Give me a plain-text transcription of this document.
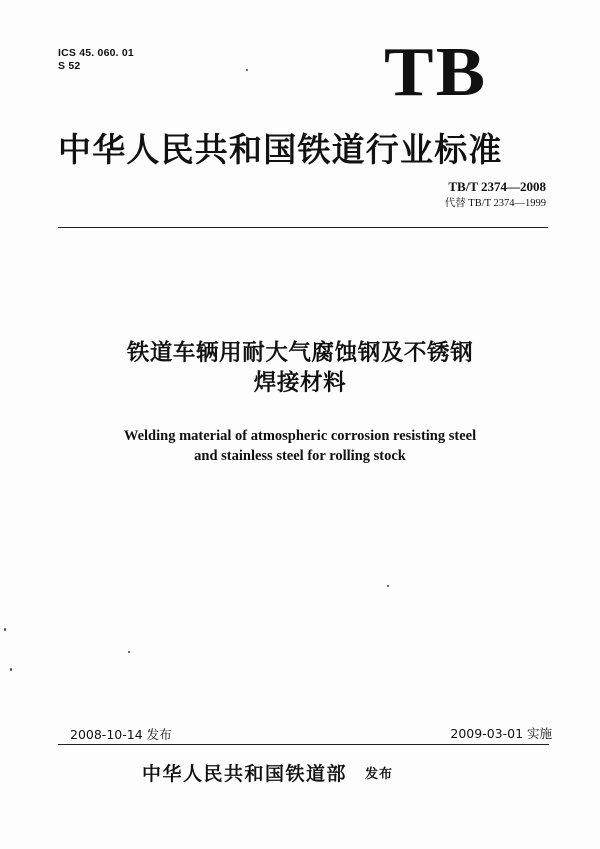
ICS 45. 060. 01
S 52	TB
中华人民共和国铁道行业标准
TB/T 2374—2008
代替 TB/T 2374—1999
铁道车辆用耐大气腐蚀钢及不锈钢
焊接材料
Welding material of atmospheric corrosion resisting steel
and stainless steel for rolling stock
2008-10-14 发布	2009-03-01 实施
中华人民共和国铁道部 发布
